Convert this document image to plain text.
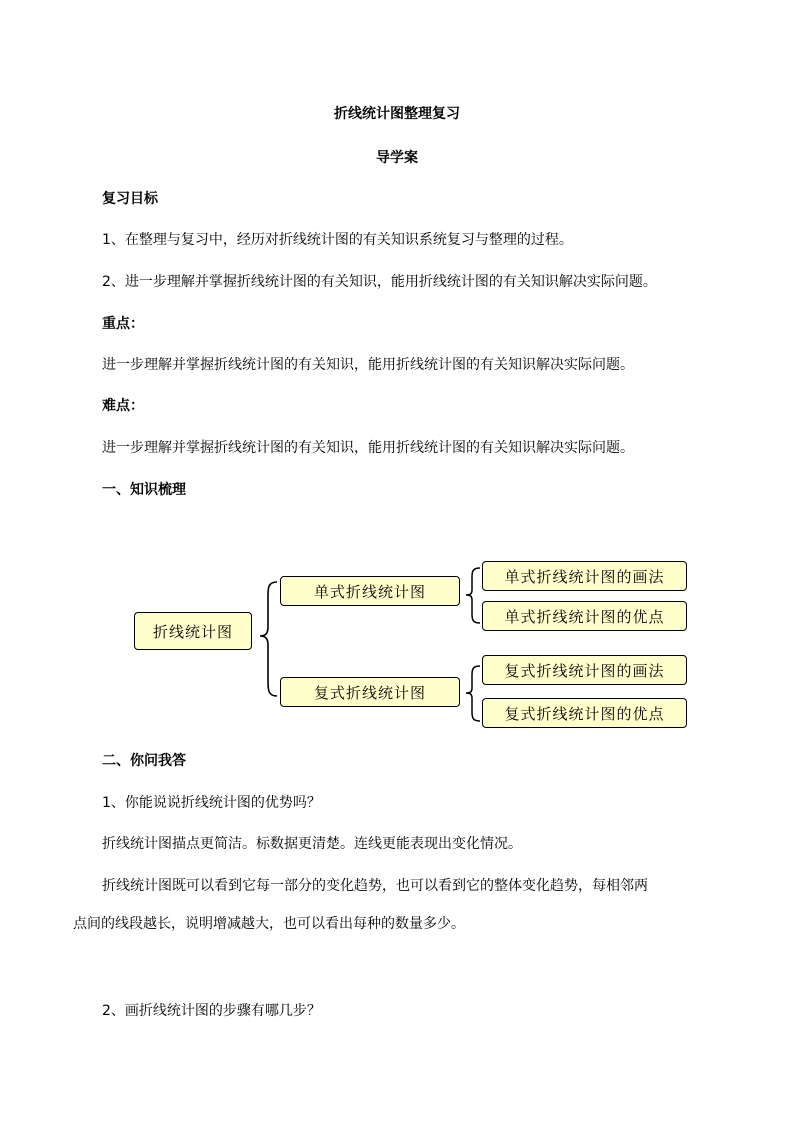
折线统计图整理复习
导学案

复习目标

1、在整理与复习中，经历对折线统计图的有关知识系统复习与整理的过程。

2、进一步理解并掌握折线统计图的有关知识，能用折线统计图的有关知识解决实际问题。

重点：

进一步理解并掌握折线统计图的有关知识，能用折线统计图的有关知识解决实际问题。

难点：

进一步理解并掌握折线统计图的有关知识，能用折线统计图的有关知识解决实际问题。

一、知识梳理

折线统计图
单式折线统计图
复式折线统计图
单式折线统计图的画法
单式折线统计图的优点
复式折线统计图的画法
复式折线统计图的优点

二、你问我答

1、你能说说折线统计图的优势吗？

折线统计图描点更简洁。标数据更清楚。连线更能表现出变化情况。

折线统计图既可以看到它每一部分的变化趋势，也可以看到它的整体变化趋势，每相邻两

点间的线段越长，说明增减越大，也可以看出每种的数量多少。

2、画折线统计图的步骤有哪几步？
